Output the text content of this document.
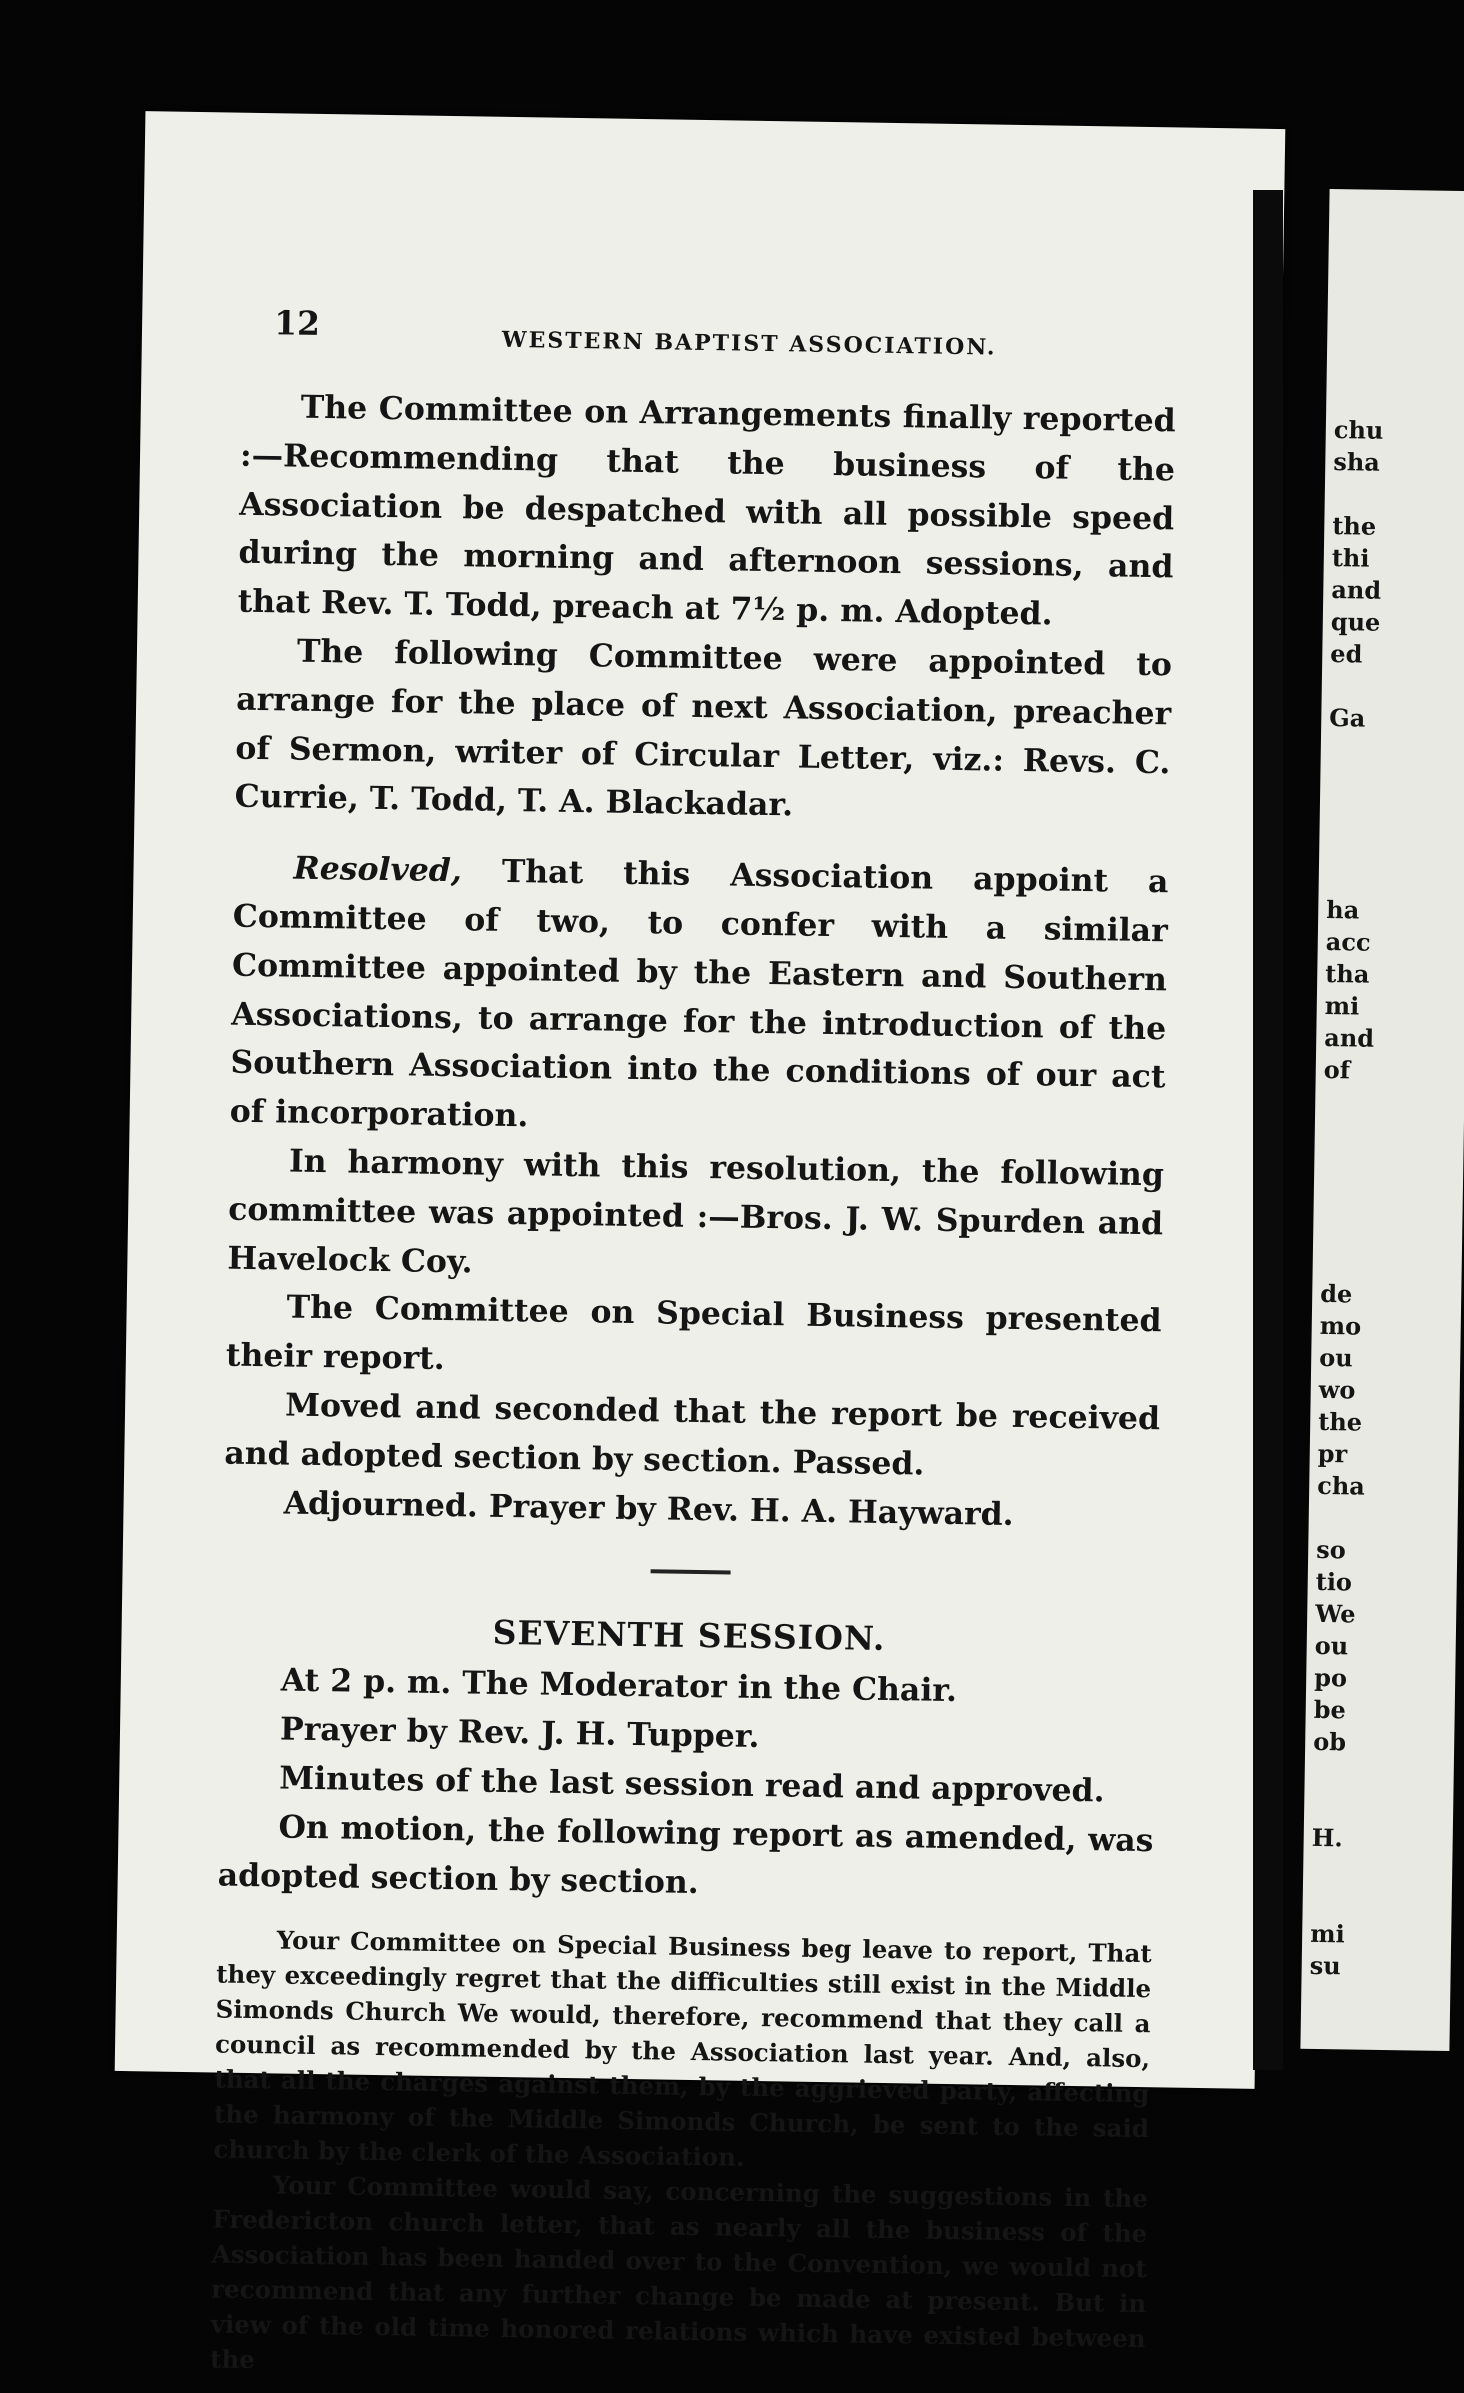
The Committee on Arrangements finally reported :—Recommending that the business of the Association be despatched with all possible speed during the morning and afternoon sessions, and that Rev. T. Todd, preach at 7½ p. m. Adopted.

The following Committee were appointed to arrange for the place of next Association, preacher of Sermon, writer of Circular Letter, viz.: Revs. C. Currie, T. Todd, T. A. Blackadar.

Resolved, That this Association appoint a Committee of two, to confer with a similar Committee appointed by the Eastern and Southern Associations, to arrange for the introduction of the Southern Association into the conditions of our act of incorporation.

In harmony with this resolution, the following committee was appointed :—Bros. J. W. Spurden and Havelock Coy.

The Committee on Special Business presented their report.

Moved and seconded that the report be received and adopted section by section. Passed.

Adjourned. Prayer by Rev. H. A. Hayward.

SEVENTH SESSION.

At 2 p. m. The Moderator in the Chair.

Prayer by Rev. J. H. Tupper.

Minutes of the last session read and approved.

On motion, the following report as amended, was adopted section by section.

Your Committee on Special Business beg leave to report, That they exceedingly regret that the difficulties still exist in the Middle Simonds Church We would, therefore, recommend that they call a council as recommended by the Association last year. And, also, that all the charges against them, by the aggrieved party, affecting the harmony of the Middle Simonds Church, be sent to the said church by the clerk of the Association.

Your Committee would say, concerning the suggestions in the Fredericton church letter, that as nearly all the business of the Association has been handed over to the Convention, we would not recommend that any further change be made at present. But in view of the old time honored relations which have existed between the

12
WESTERN BAPTIST ASSOCIATION.
chu
sha
the
thi
and
que
ed
Ga
ha
acc
tha
mi
and
of
de
mo
ou
wo
the
pr
cha
so
tio
We
ou
po
be
ob
H.
mi
su
